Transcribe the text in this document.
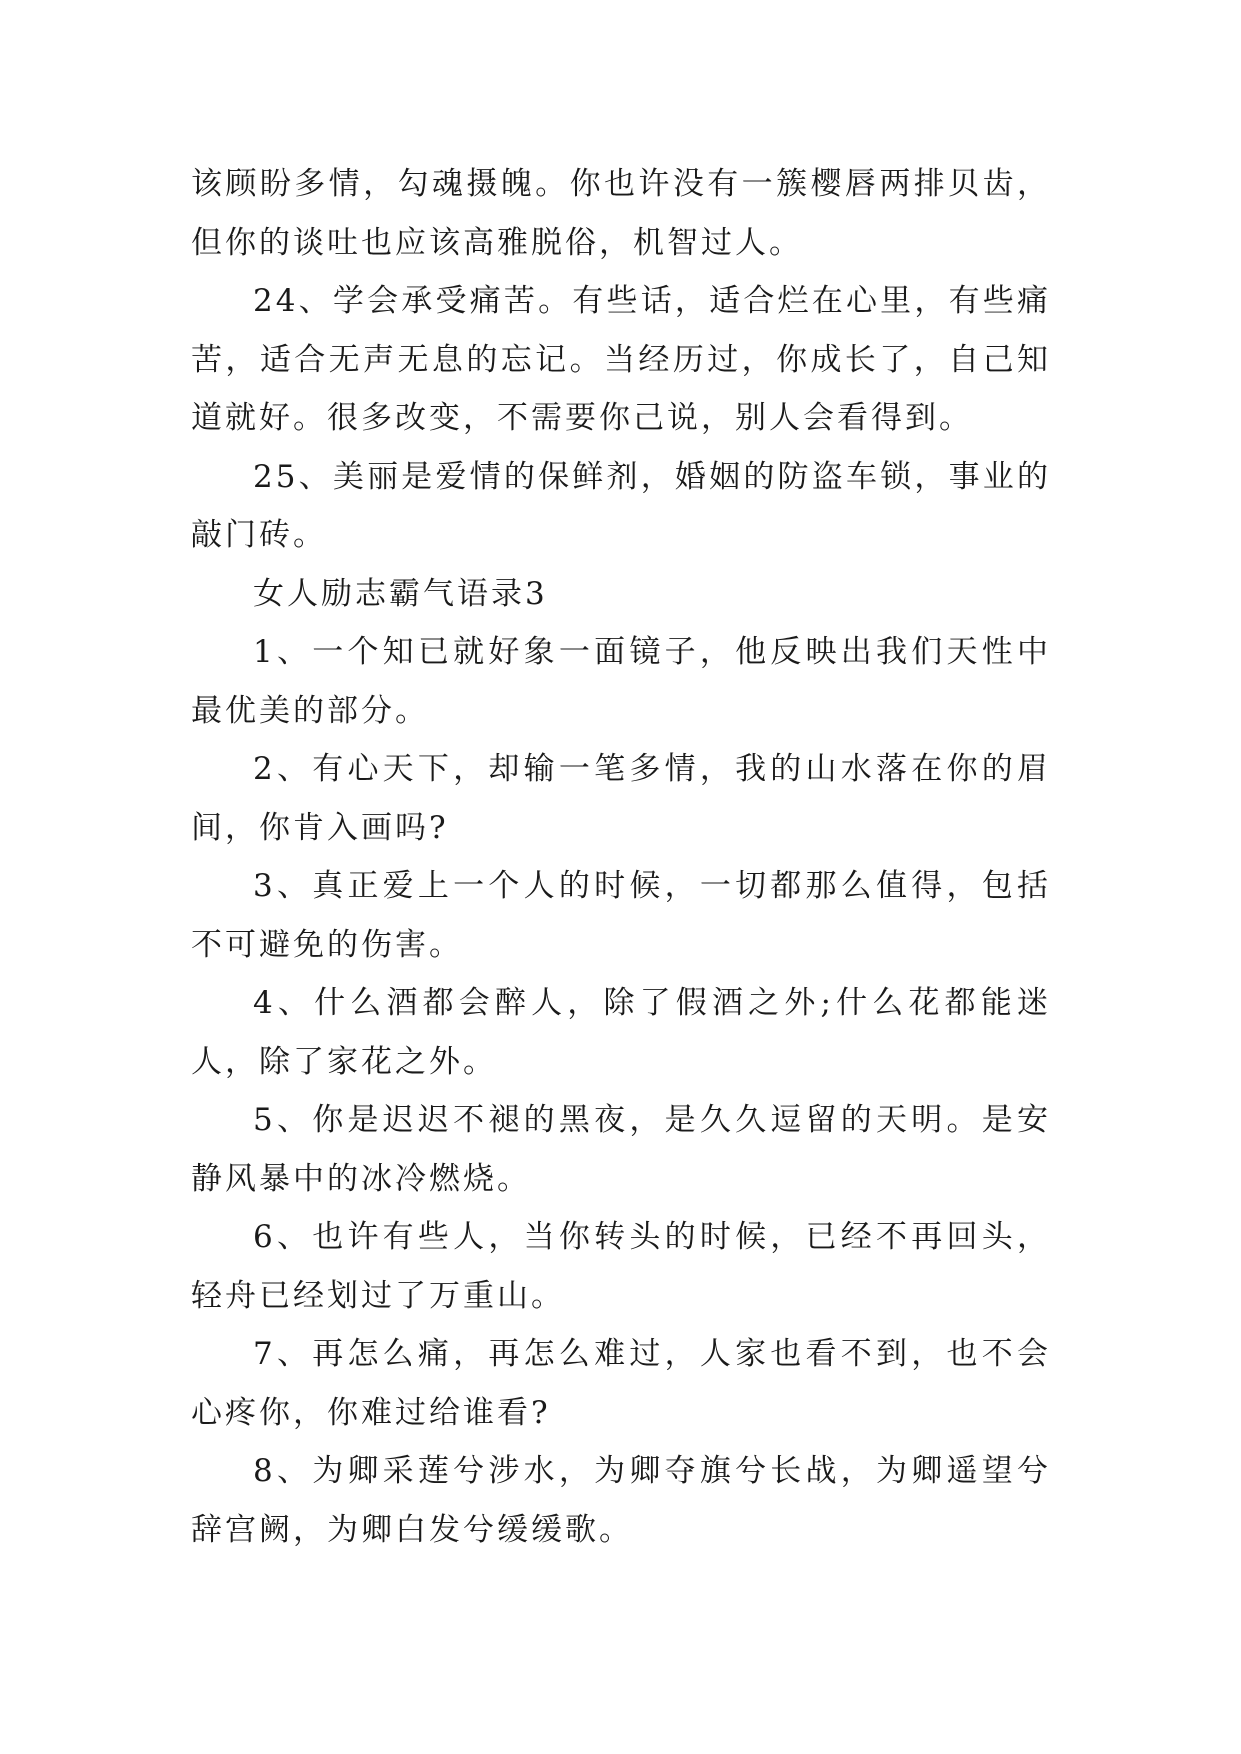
该顾盼多情，勾魂摄魄。你也许没有一簇樱唇两排贝齿，但你的谈吐也应该高雅脱俗，机智过人。

24、学会承受痛苦。有些话，适合烂在心里，有些痛苦，适合无声无息的忘记。当经历过，你成长了，自己知道就好。很多改变，不需要你己说，别人会看得到。

25、美丽是爱情的保鲜剂，婚姻的防盗车锁，事业的敲门砖。

女人励志霸气语录3

1、一个知已就好象一面镜子，他反映出我们天性中最优美的部分。

2、有心天下，却输一笔多情，我的山水落在你的眉间，你肯入画吗?

3、真正爱上一个人的时候，一切都那么值得，包括不可避免的伤害。

4、什么酒都会醉人，除了假酒之外;什么花都能迷人，除了家花之外。

5、你是迟迟不褪的黑夜，是久久逗留的天明。是安静风暴中的冰冷燃烧。

6、也许有些人，当你转头的时候，已经不再回头，轻舟已经划过了万重山。

7、再怎么痛，再怎么难过，人家也看不到，也不会心疼你，你难过给谁看?

8、为卿采莲兮涉水，为卿夺旗兮长战，为卿遥望兮辞宫阙，为卿白发兮缓缓歌。
